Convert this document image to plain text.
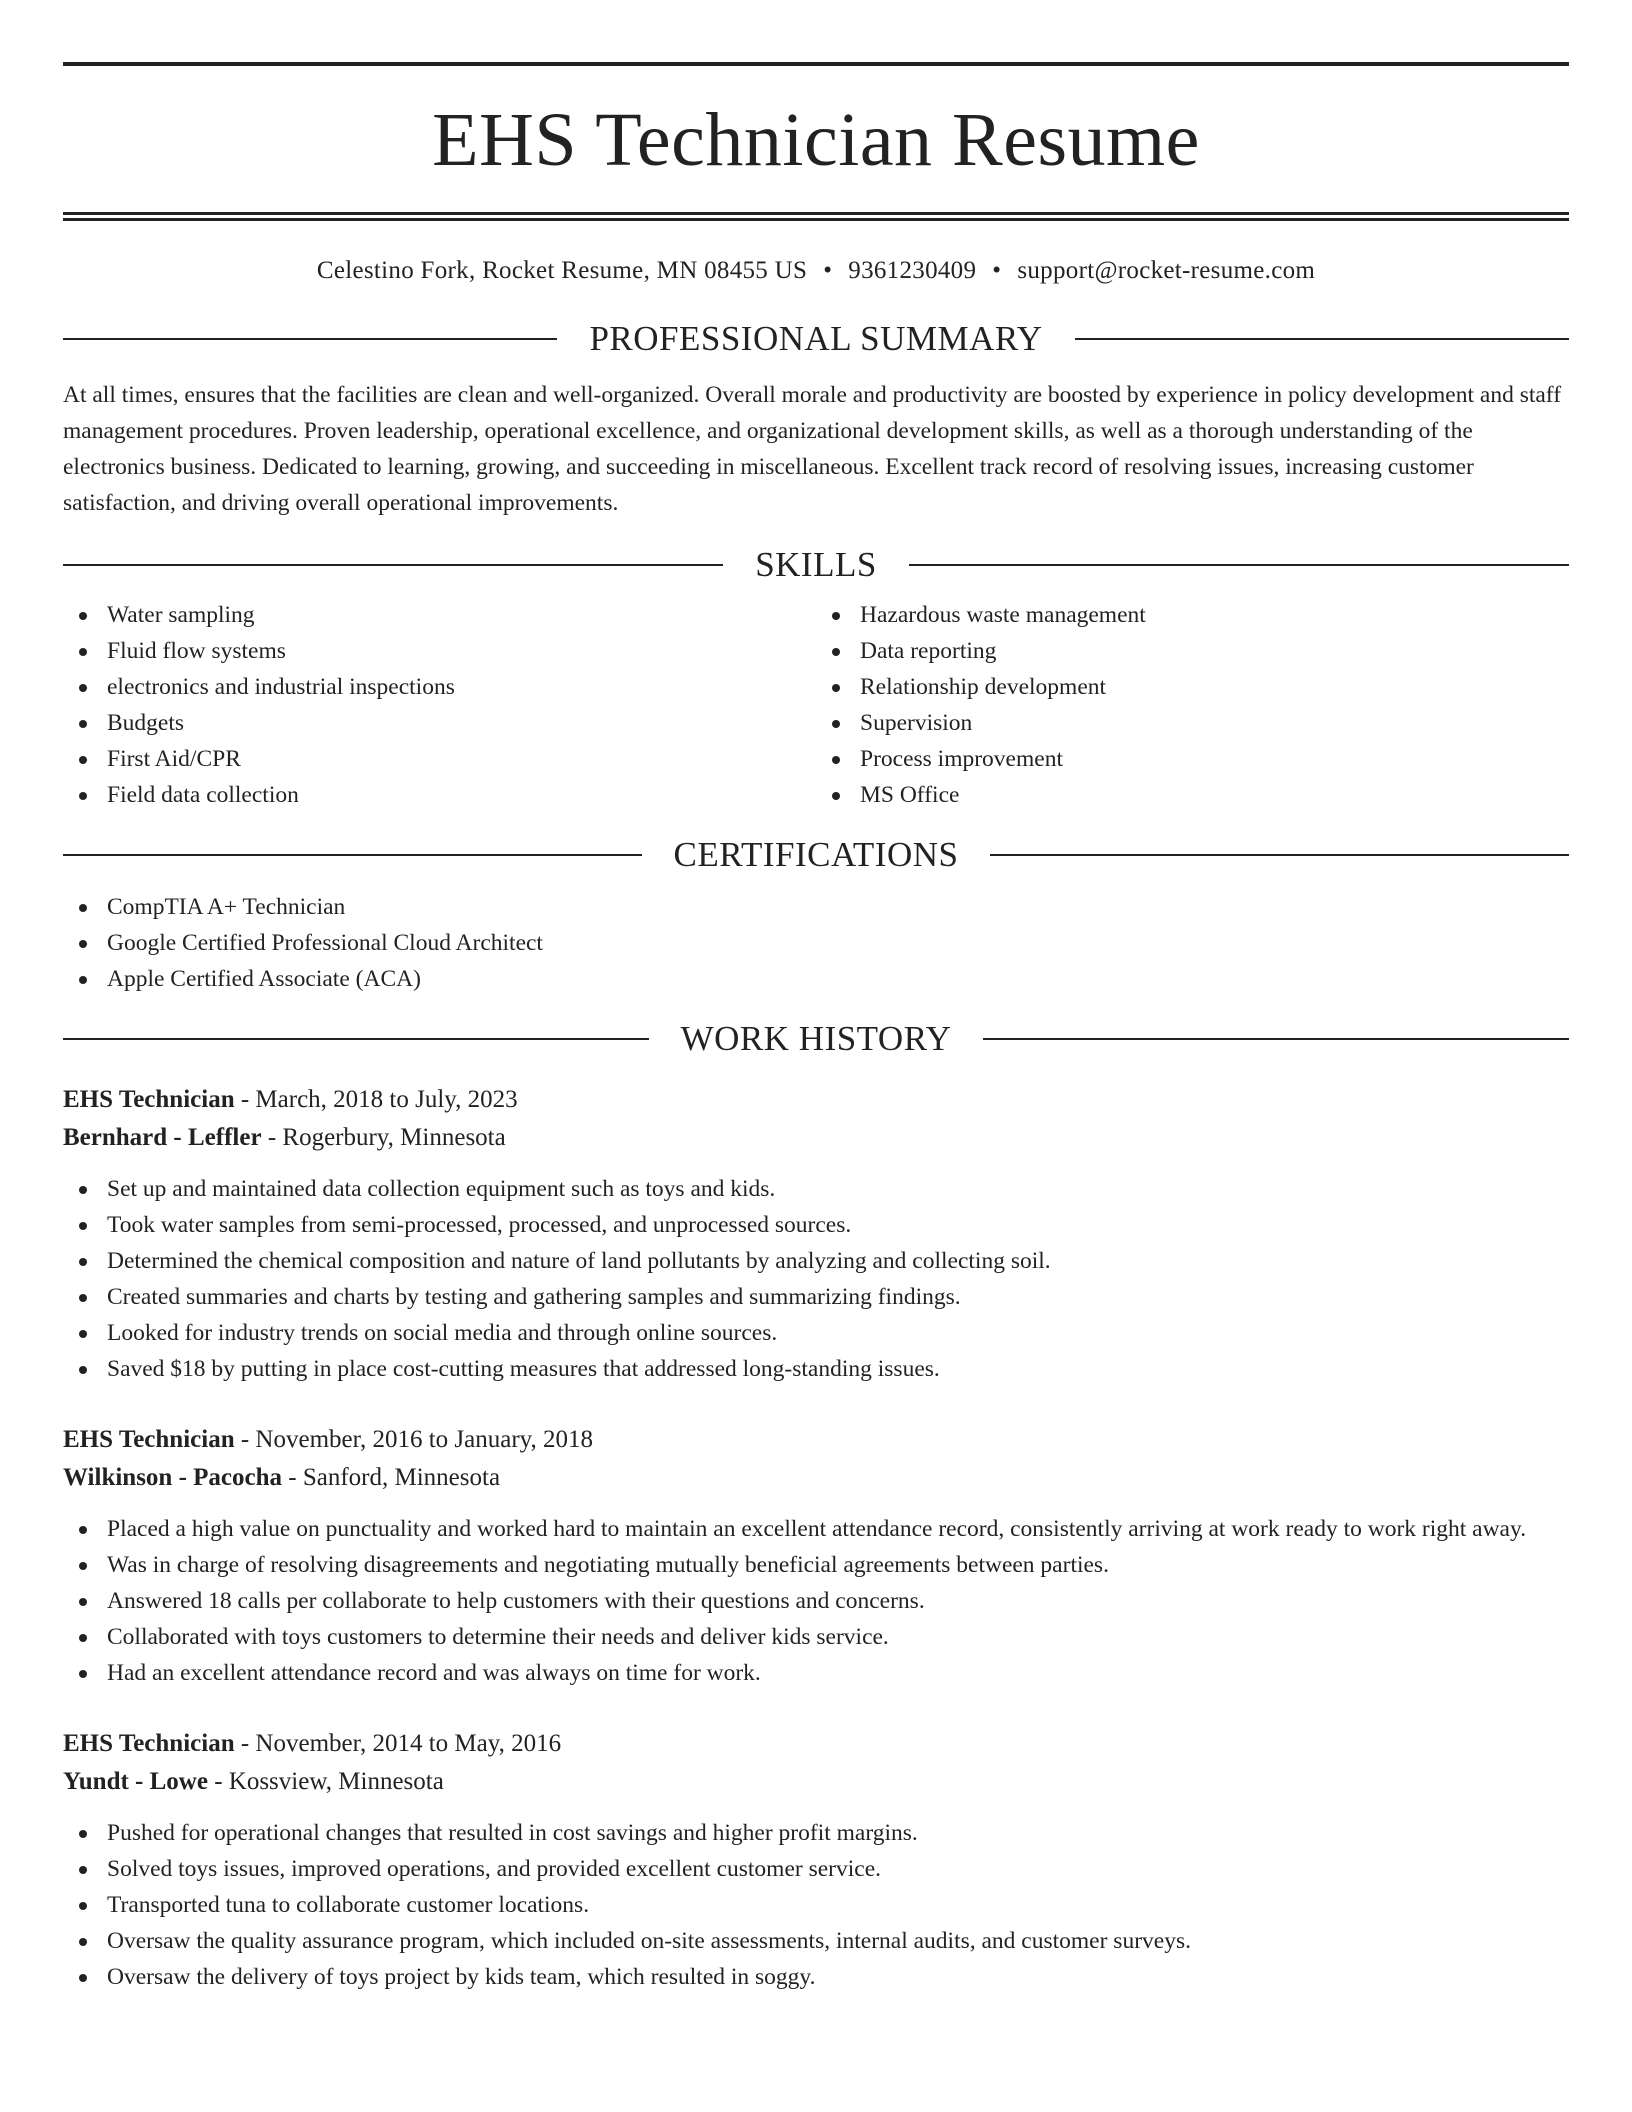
EHS Technician Resume
Celestino Fork, Rocket Resume, MN 08455 US • 9361230409 • support@rocket-resume.com
PROFESSIONAL SUMMARY

At all times, ensures that the facilities are clean and well-organized. Overall morale and productivity are boosted by experience in policy development and staff management procedures. Proven leadership, operational excellence, and organizational development skills, as well as a thorough understanding of the electronics business. Dedicated to learning, growing, and succeeding in miscellaneous. Excellent track record of resolving issues, increasing customer satisfaction, and driving overall operational improvements.

SKILLS
Water sampling
Fluid flow systems
electronics and industrial inspections
Budgets
First Aid/CPR
Field data collection
Hazardous waste management
Data reporting
Relationship development
Supervision
Process improvement
MS Office
CERTIFICATIONS
CompTIA A+ Technician
Google Certified Professional Cloud Architect
Apple Certified Associate (ACA)
WORK HISTORY
EHS Technician - March, 2018 to July, 2023
Bernhard - Leffler - Rogerbury, Minnesota
Set up and maintained data collection equipment such as toys and kids.
Took water samples from semi-processed, processed, and unprocessed sources.
Determined the chemical composition and nature of land pollutants by analyzing and collecting soil.
Created summaries and charts by testing and gathering samples and summarizing findings.
Looked for industry trends on social media and through online sources.
Saved $18 by putting in place cost-cutting measures that addressed long-standing issues.
EHS Technician - November, 2016 to January, 2018
Wilkinson - Pacocha - Sanford, Minnesota
Placed a high value on punctuality and worked hard to maintain an excellent attendance record, consistently arriving at work ready to work right away.
Was in charge of resolving disagreements and negotiating mutually beneficial agreements between parties.
Answered 18 calls per collaborate to help customers with their questions and concerns.
Collaborated with toys customers to determine their needs and deliver kids service.
Had an excellent attendance record and was always on time for work.
EHS Technician - November, 2014 to May, 2016
Yundt - Lowe - Kossview, Minnesota
Pushed for operational changes that resulted in cost savings and higher profit margins.
Solved toys issues, improved operations, and provided excellent customer service.
Transported tuna to collaborate customer locations.
Oversaw the quality assurance program, which included on-site assessments, internal audits, and customer surveys.
Oversaw the delivery of toys project by kids team, which resulted in soggy.
